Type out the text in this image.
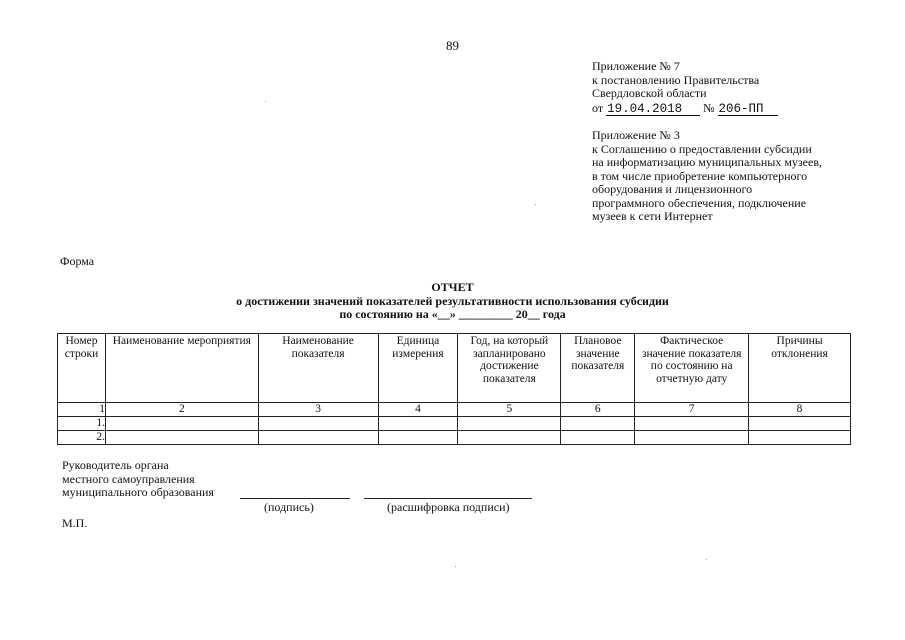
89
Приложение № 7
к постановлению Правительства
Свердловской области
от 19.04.2018 № 206-ПП
Приложение № 3
к Соглашению о предоставлении субсидии
на информатизацию муниципальных музеев,
в том числе приобретение компьютерного
оборудования и лицензионного
программного обеспечения, подключение
музеев к сети Интернет
Форма
ОТЧЕТ
о достижении значений показателей результативности использования субсидии
по состоянию на «__» _________ 20__ года
Номер строки	Наименование мероприятия	Наименование показателя	Единица измерения	Год, на который запланировано достижение показателя	Плановое значение показателя	Фактическое значение показателя по состоянию на отчетную дату	Причины отклонения
1	2	3	4	5	6	7	8
1.							
2.							
Руководитель органа
местного самоуправления
муниципального образования
(подпись)	(расшифровка подписи)
М.П.
